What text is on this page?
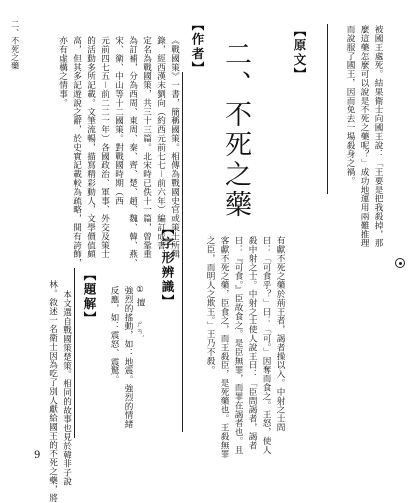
被國王處死。結果衛士向國王說：「王要是把我殺掉，那
麼這藥怎麼可以說是不死之藥呢？」成功地運用兩難推理
而說服了國王，因而免去一場殺身之禍。
【原文】
有獻不死之藥於荊王者，謁者操以入。中射之士問
曰：「可食乎？」曰：「可。」因奪而食之。王怒，使人
殺中射之士。中射之士使人說王曰：「臣問謁者，謁者
曰：『可食。』臣故食之。是臣無罪，而罪在謁者也。且
客獻不死之藥，臣食之，而王殺臣，是死藥也。王殺無罪
之臣，而明人之欺王。」王乃不殺。
【字形辨識】
①
擅
ㄕㄢˋ
強烈的搖動，如：地震。強烈的情緒
反應，如：震怒、震驚。
二、不死之藥
【作者】
《戰國策》一書，簡稱國策。相傳為戰國史官或策士所輯
錄，經西漢末劉向（約西元前七七－前六年）編訂成書，
定名為戰國策，共三十三篇。北宋時已佚十一篇，曾鞏重
為訂補，分為西周、東周、秦、齊、楚、趙、魏、韓、燕、
宋、衛、中山等十二國策。對戰國時期（西
元前四七五－前二二一年）各國政治、軍事、外交及策士
的活動多所記載。文筆流暢，描寫精彩動人，文學價值頗
高，但其多記遊說之辭，於史實記載較為疏略，間有誇飾，
亦有虛構之情事。
【題解】
本文選自戰國策楚策。相同的故事也見於韓非子說
林。敘述一名衛士因為吃了別人獻給國王的不死之藥，將
二、不死之藥
9
